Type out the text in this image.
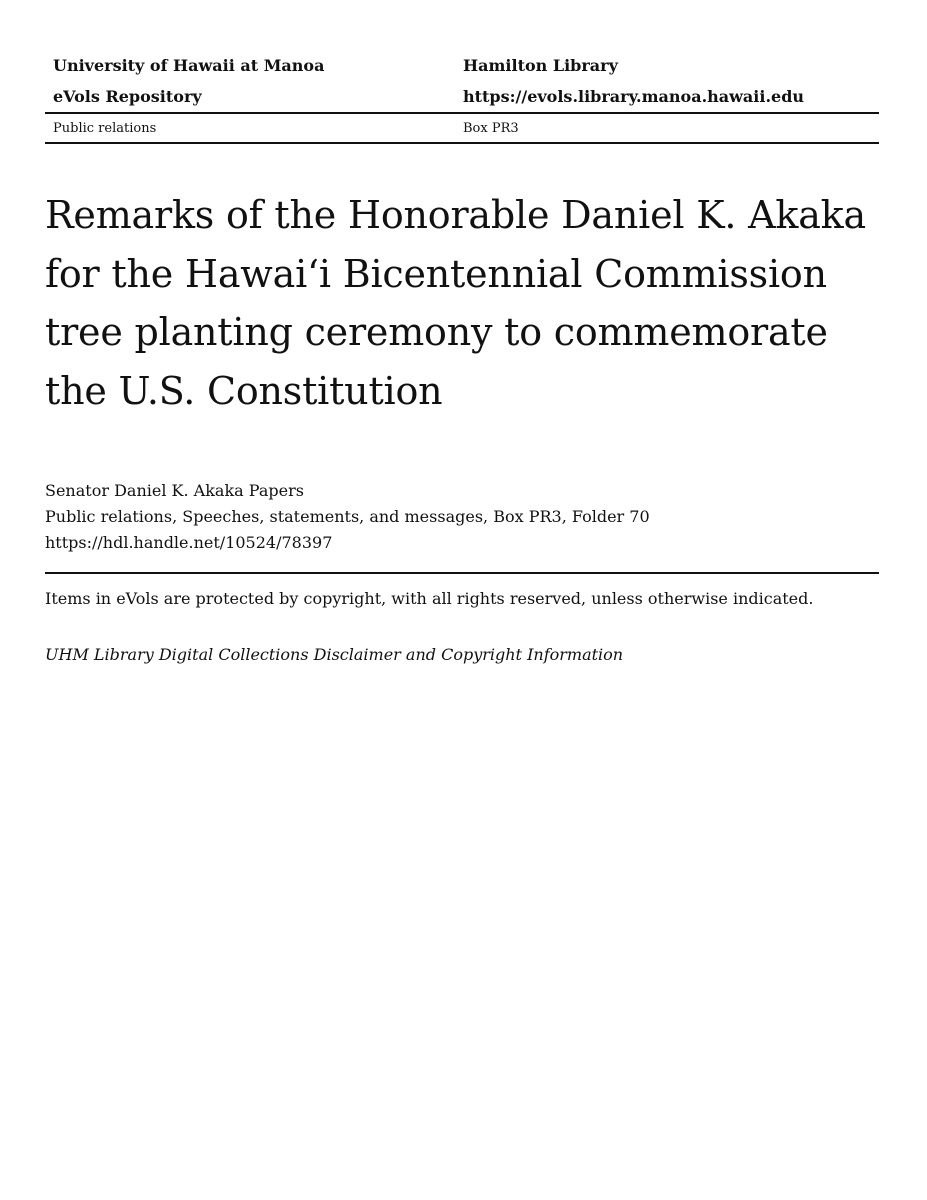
University of Hawaii at Manoa	Hamilton Library
eVols Repository	https://evols.library.manoa.hawaii.edu
Public relations	Box PR3
Remarks of the Honorable Daniel K. Akaka for the Hawai‘i Bicentennial Commission tree planting ceremony to commemorate the U.S. Constitution
Senator Daniel K. Akaka Papers
Public relations, Speeches, statements, and messages, Box PR3, Folder 70
https://hdl.handle.net/10524/78397
Items in eVols are protected by copyright, with all rights reserved, unless otherwise indicated.
UHM Library Digital Collections Disclaimer and Copyright Information
